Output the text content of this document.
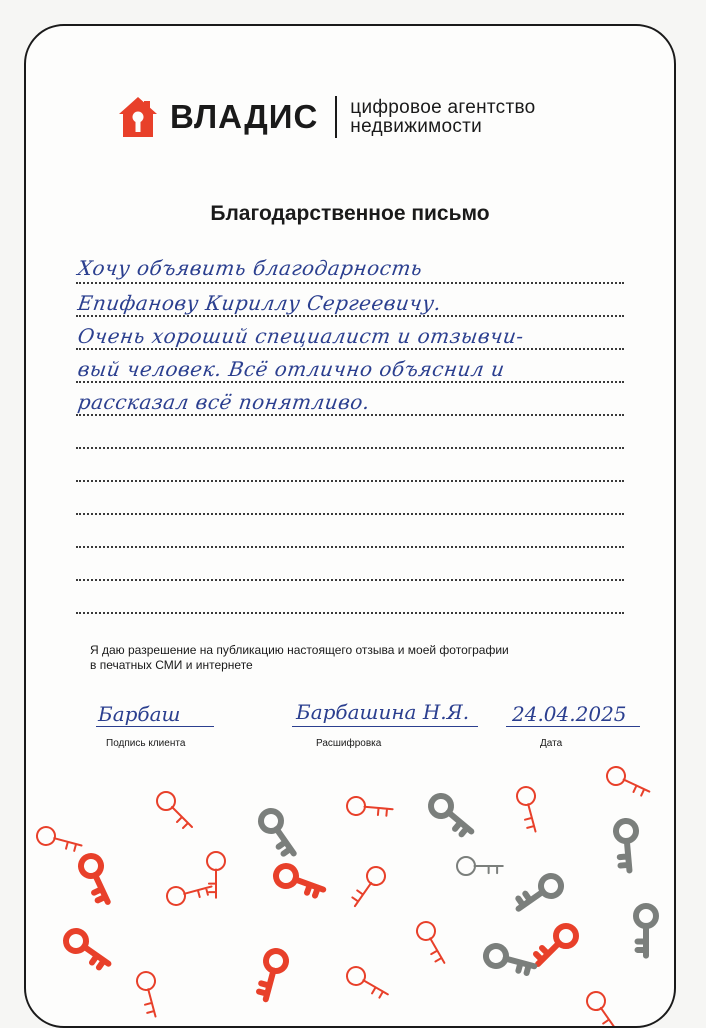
ВЛАДИС цифровое агентство
недвижимости
Благодарственное письмо
Хочу объявить благодарность
Епифанову Кириллу Сергеевичу.
Очень хороший специалист и отзывчи-
вый человек. Всё отлично объяснил и
рассказал всё понятливо.
Я даю разрешение на публикацию настоящего отзыва и моей фотографии
в печатных СМИ и интернете
Барбаш	Барбашина Н.Я. 24.04.2025
Подпись клиента	Расшифровка	Дата
